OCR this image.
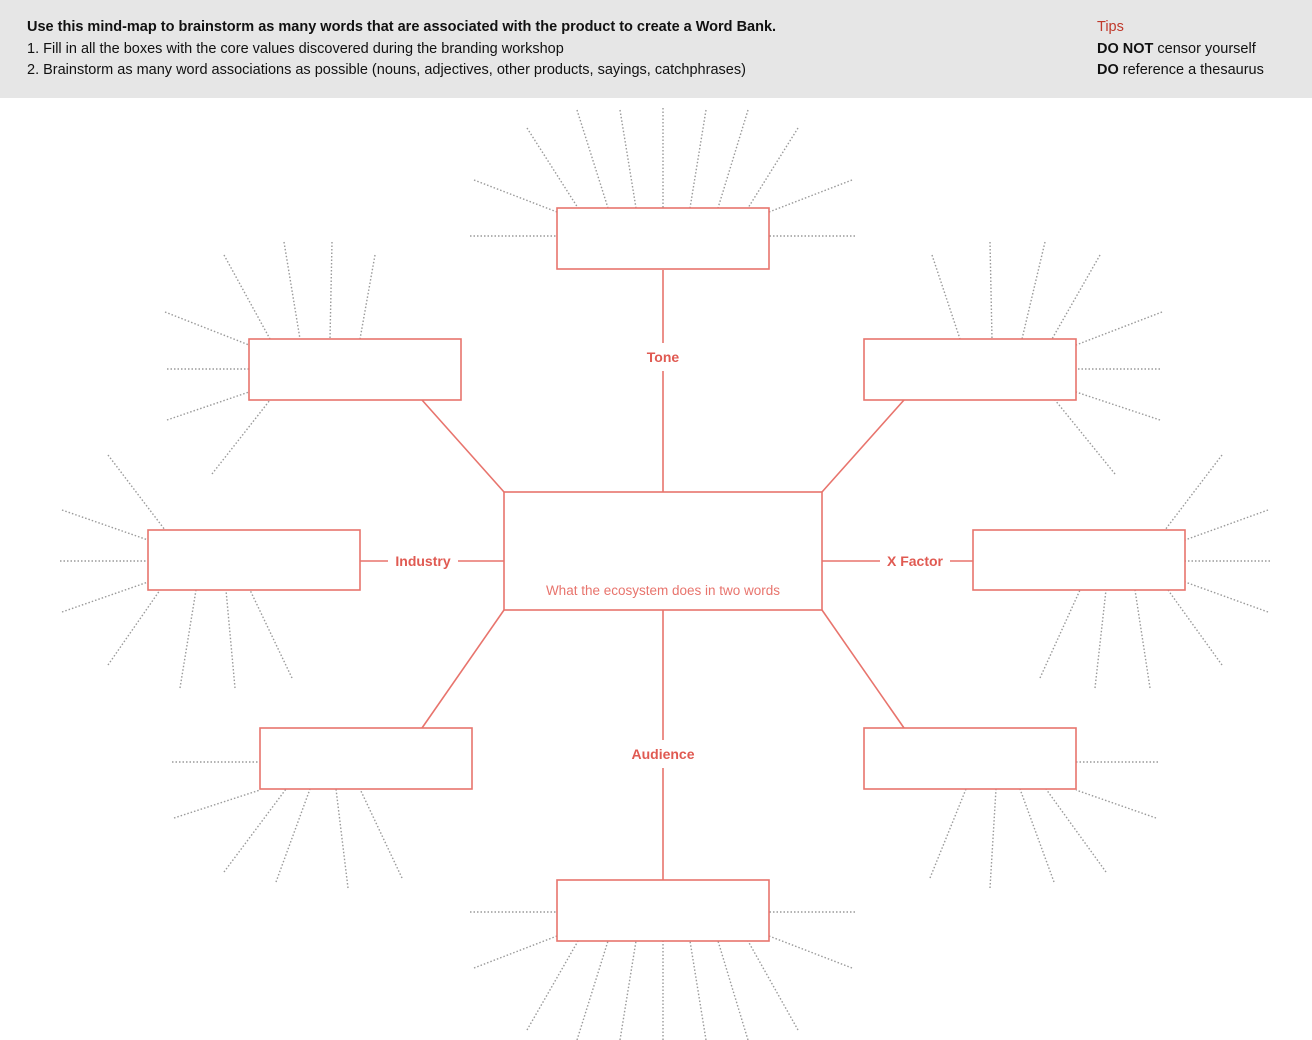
Use this mind-map to brainstorm as many words that are associated with the product to create a Word Bank.
1. Fill in all the boxes with the core values discovered during the branding workshop
2. Brainstorm as many word associations as possible (nouns, adjectives, other products, sayings, catchphrases)
Tips
DO NOT censor yourself
DO reference a thesaurus
What the ecosystem does in two words
Tone
Industry	X Factor
Audience
